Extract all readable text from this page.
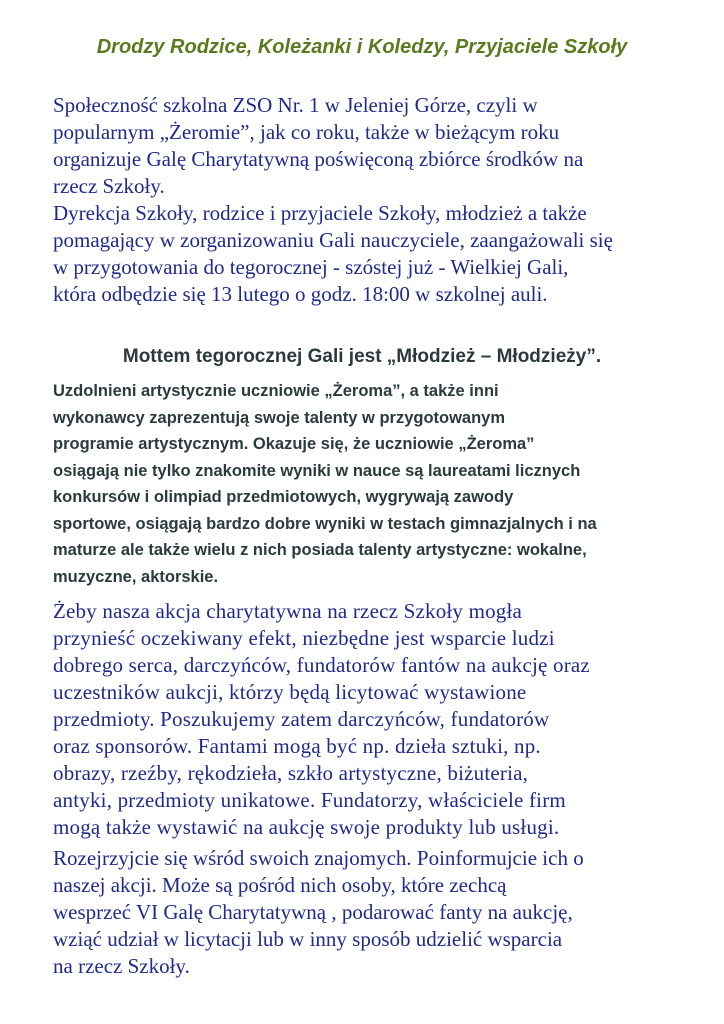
Drodzy Rodzice, Koleżanki i Koledzy, Przyjaciele Szkoły

Społeczność szkolna ZSO Nr. 1 w Jeleniej Górze, czyli w
popularnym „Żeromie”, jak co roku, także w bieżącym roku
organizuje Galę Charytatywną poświęconą zbiórce środków na
rzecz Szkoły.

Dyrekcja Szkoły, rodzice i przyjaciele Szkoły, młodzież a także
pomagający w zorganizowaniu Gali nauczyciele, zaangażowali się
w przygotowania do tegorocznej - szóstej już - Wielkiej Gali,
która odbędzie się 13 lutego o godz. 18:00 w szkolnej auli.

Mottem tegorocznej Gali jest „Młodzież – Młodzieży”.

Uzdolnieni artystycznie uczniowie „Żeroma”, a także inni
wykonawcy zaprezentują swoje talenty w przygotowanym
programie artystycznym. Okazuje się, że uczniowie „Żeroma”
osiągają nie tylko znakomite wyniki w nauce są laureatami licznych
konkursów i olimpiad przedmiotowych, wygrywają zawody
sportowe, osiągają bardzo dobre wyniki w testach gimnazjalnych i na
maturze ale także wielu z nich posiada talenty artystyczne: wokalne,
muzyczne, aktorskie.

Żeby nasza akcja charytatywna na rzecz Szkoły mogła
przynieść oczekiwany efekt, niezbędne jest wsparcie ludzi
dobrego serca, darczyńców, fundatorów fantów na aukcję oraz
uczestników aukcji, którzy będą licytować wystawione
przedmioty. Poszukujemy zatem darczyńców, fundatorów
oraz sponsorów. Fantami mogą być np. dzieła sztuki, np.
obrazy, rzeźby, rękodzieła, szkło artystyczne, biżuteria,
antyki, przedmioty unikatowe. Fundatorzy, właściciele firm
mogą także wystawić na aukcję swoje produkty lub usługi.

Rozejrzyjcie się wśród swoich znajomych. Poinformujcie ich o
naszej akcji. Może są pośród nich osoby, które zechcą
wesprzeć VI Galę Charytatywną , podarować fanty na aukcję,
wziąć udział w licytacji lub w inny sposób udzielić wsparcia
na rzecz Szkoły.
